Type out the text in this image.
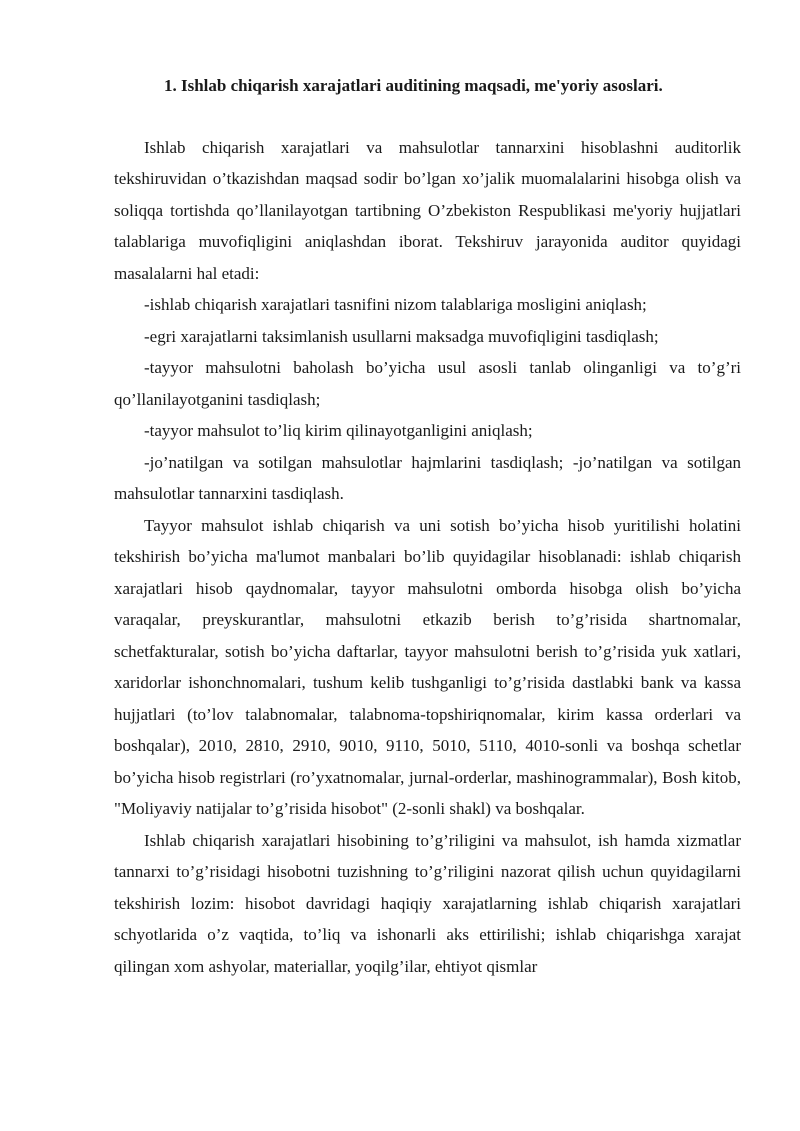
1. Ishlab chiqarish xarajatlari auditining maqsadi, me'yoriy asoslari.

Ishlab chiqarish xarajatlari va mahsulotlar tannarxini hisoblashni auditorlik tekshiruvidan o’tkazishdan maqsad sodir bo’lgan xo’jalik muomalalarini hisobga olish va soliqqa tortishda qo’llanilayotgan tartibning O’zbekiston Respublikasi me'yoriy hujjatlari talablariga muvofiqligini aniqlashdan iborat. Tekshiruv jarayonida auditor quyidagi masalalarni hal etadi:

-ishlab chiqarish xarajatlari tasnifini nizom talablariga mosligini aniqlash;

-egri xarajatlarni taksimlanish usullarni maksadga muvofiqligini tasdiqlash;

-tayyor mahsulotni baholash bo’yicha usul asosli tanlab olinganligi va to’g’ri qo’llanilayotganini tasdiqlash;

-tayyor mahsulot to’liq kirim qilinayotganligini aniqlash;

-jo’natilgan va sotilgan mahsulotlar hajmlarini tasdiqlash; -jo’natilgan va sotilgan mahsulotlar tannarxini tasdiqlash.

Tayyor mahsulot ishlab chiqarish va uni sotish bo’yicha hisob yuritilishi holatini tekshirish bo’yicha ma'lumot manbalari bo’lib quyidagilar hisoblanadi: ishlab chiqarish xarajatlari hisob qaydnomalar, tayyor mahsulotni omborda hisobga olish bo’yicha varaqalar, preyskurantlar, mahsulotni etkazib berish to’g’risida shartnomalar, schetfakturalar, sotish bo’yicha daftarlar, tayyor mahsulotni berish to’g’risida yuk xatlari, xaridorlar ishonchnomalari, tushum kelib tushganligi to’g’risida dastlabki bank va kassa hujjatlari (to’lov talabnomalar, talabnoma-topshiriqnomalar, kirim kassa orderlari va boshqalar), 2010, 2810, 2910, 9010, 9110, 5010, 5110, 4010-sonli va boshqa schetlar bo’yicha hisob registrlari (ro’yxatnomalar, jurnal-orderlar, mashinogrammalar), Bosh kitob, "Moliyaviy natijalar to’g’risida hisobot" (2-sonli shakl) va boshqalar.

Ishlab chiqarish xarajatlari hisobining to’g’riligini va mahsulot, ish hamda xizmatlar tannarxi to’g’risidagi hisobotni tuzishning to’g’riligini nazorat qilish uchun quyidagilarni tekshirish lozim: hisobot davridagi haqiqiy xarajatlarning ishlab chiqarish xarajatlari schyotlarida o’z vaqtida, to’liq va ishonarli aks ettirilishi; ishlab chiqarishga xarajat qilingan xom ashyolar, materiallar, yoqilg’ilar, ehtiyot qismlar
